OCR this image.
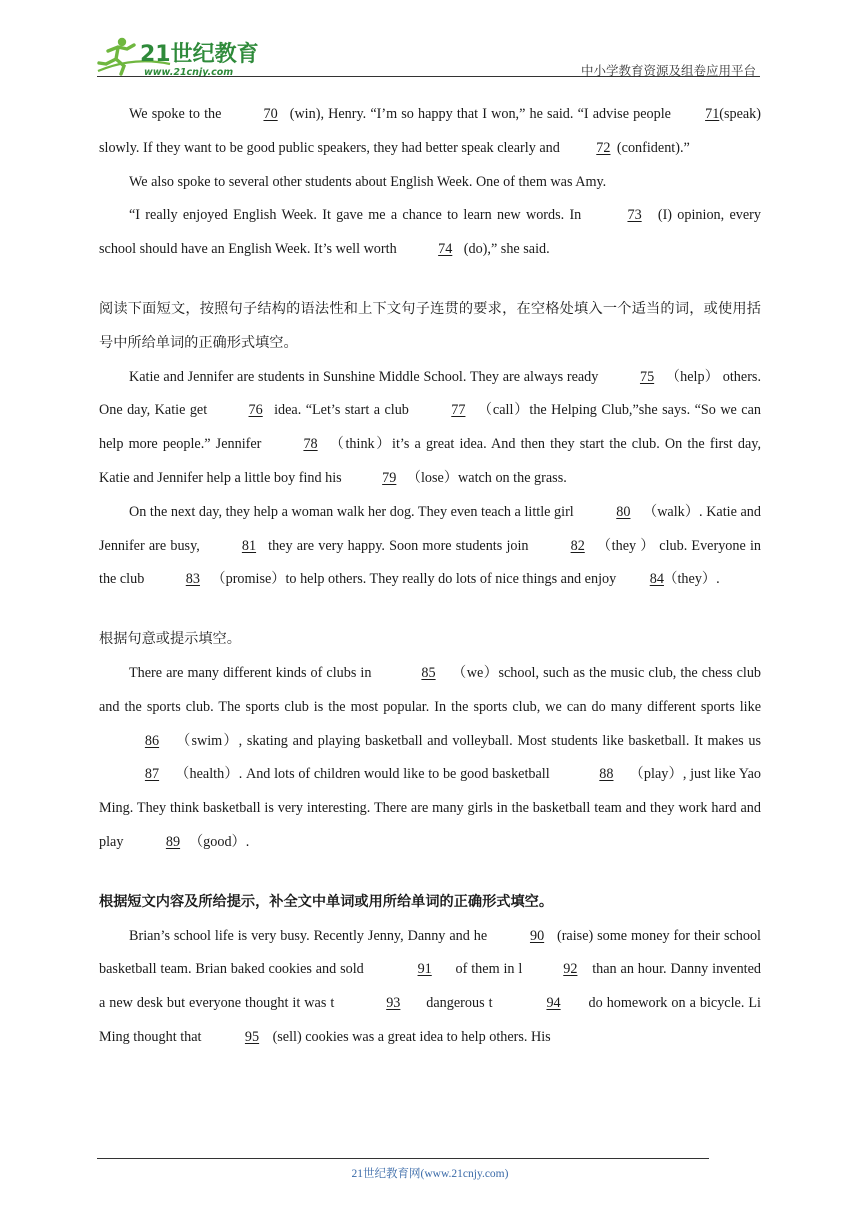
21世纪教育
www.21cnjy.com	中小学教育资源及组卷应用平台

We spoke to the	70 (win), Henry. “I’m so happy that I won,” he said. “I advise people 71 (speak) slowly. If they want to be good public speakers, they had better speak clearly and 72 (confident).”

We also spoke to several other students about English Week. One of them was Amy.

“I really enjoyed English Week. It gave me a chance to learn new words. In	73 (I) opinion, every school should have an English Week. It’s well worth	74 (do),” she said.

阅读下面短文，按照句子结构的语法性和上下文句子连贯的要求，在空格处填入一个适当的词，或使用括号中所给单词的正确形式填空。

Katie and Jennifer are students in Sunshine Middle School. They are always ready	75 （help） others. One day, Katie get	76 idea. “Let’s start a club	77 （call）the Helping Club,”she says. “So we can help more people.” Jennifer	78 （think）it’s a great idea. And then they start the club. On the first day, Katie and Jennifer help a little boy find his	79 （lose）watch on the grass.

On the next day, they help a woman walk her dog. They even teach a little girl	80 （walk）. Katie and Jennifer are busy,	81 they are very happy. Soon more students join	82 （they ） club. Everyone in the club	83 （promise）to help others. They really do lots of nice things and enjoy 84 （they）.

根据句意或提示填空。

There are many different kinds of clubs in	85 （we）school, such as the music club, the chess club and the sports club. The sports club is the most popular. In the sports club, we can do many different sports like 86 （swim）, skating and playing basketball and volleyball. Most students like basketball. It makes us 87 （health）. And lots of children would like to be good basketball	88 （play）, just like Yao Ming. They think basketball is very interesting. There are many girls in the basketball team and they work hard and play	89 （good）.

根据短文内容及所给提示，补全文中单词或用所给单词的正确形式填空。

Brian’s school life is very busy. Recently Jenny, Danny and he	90 (raise) some money for their school basketball team. Brian baked cookies and sold	91 of them in l	92 than an hour. Danny invented a new desk but everyone thought it was t	93 dangerous t	94 do homework on a bicycle. Li Ming thought that	95 (sell) cookies was a great idea to help others. His

21世纪教育网(www.21cnjy.com)
